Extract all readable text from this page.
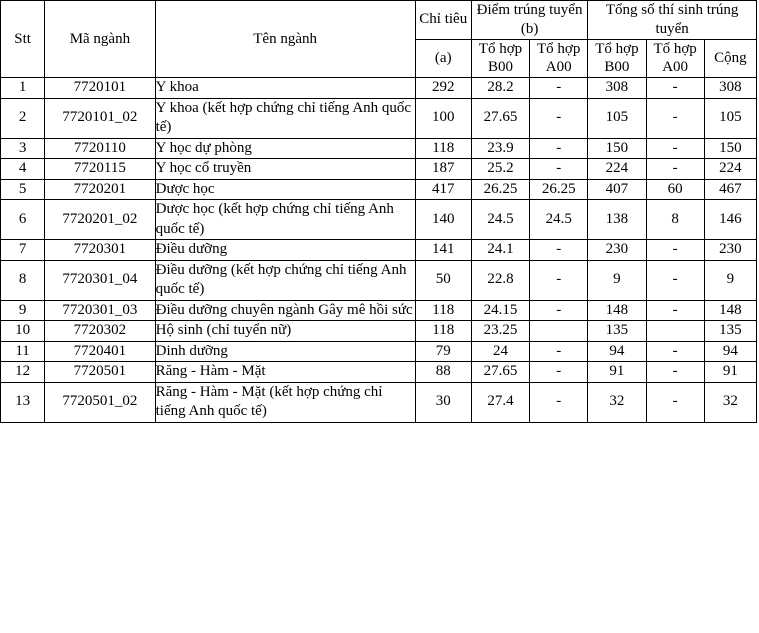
Stt	Mã ngành	Tên ngành	Chỉ tiêu	Điểm trúng tuyển (b)		Tổng số thí sinh trúng tuyển		
			(a)	Tổ hợp B00	Tổ hợp A00	Tổ hợp B00	Tổ hợp A00	Cộng
1	7720101	Y khoa	292	28.2	-	308	-	308
2	7720101_02	Y khoa (kết hợp chứng chỉ tiếng Anh quốc tế)	100	27.65	-	105	-	105
3	7720110	Y học dự phòng	118	23.9	-	150	-	150
4	7720115	Y học cổ truyền	187	25.2	-	224	-	224
5	7720201	Dược học	417	26.25	26.25	407	60	467
6	7720201_02	Dược học (kết hợp chứng chỉ tiếng Anh quốc tế)	140	24.5	24.5	138	8	146
7	7720301	Điều dưỡng	141	24.1	-	230	-	230
8	7720301_04	Điều dưỡng (kết hợp chứng chỉ tiếng Anh quốc tế)	50	22.8	-	9	-	9
9	7720301_03	Điều dưỡng chuyên ngành Gây mê hồi sức	118	24.15	-	148	-	148
10	7720302	Hộ sinh (chỉ tuyển nữ)	118	23.25		135		135
11	7720401	Dinh dưỡng	79	24	-	94	-	94
12	7720501	Răng - Hàm - Mặt	88	27.65	-	91	-	91
13	7720501_02	Răng - Hàm - Mặt (kết hợp chứng chỉ tiếng Anh quốc tế)	30	27.4	-	32	-	32
